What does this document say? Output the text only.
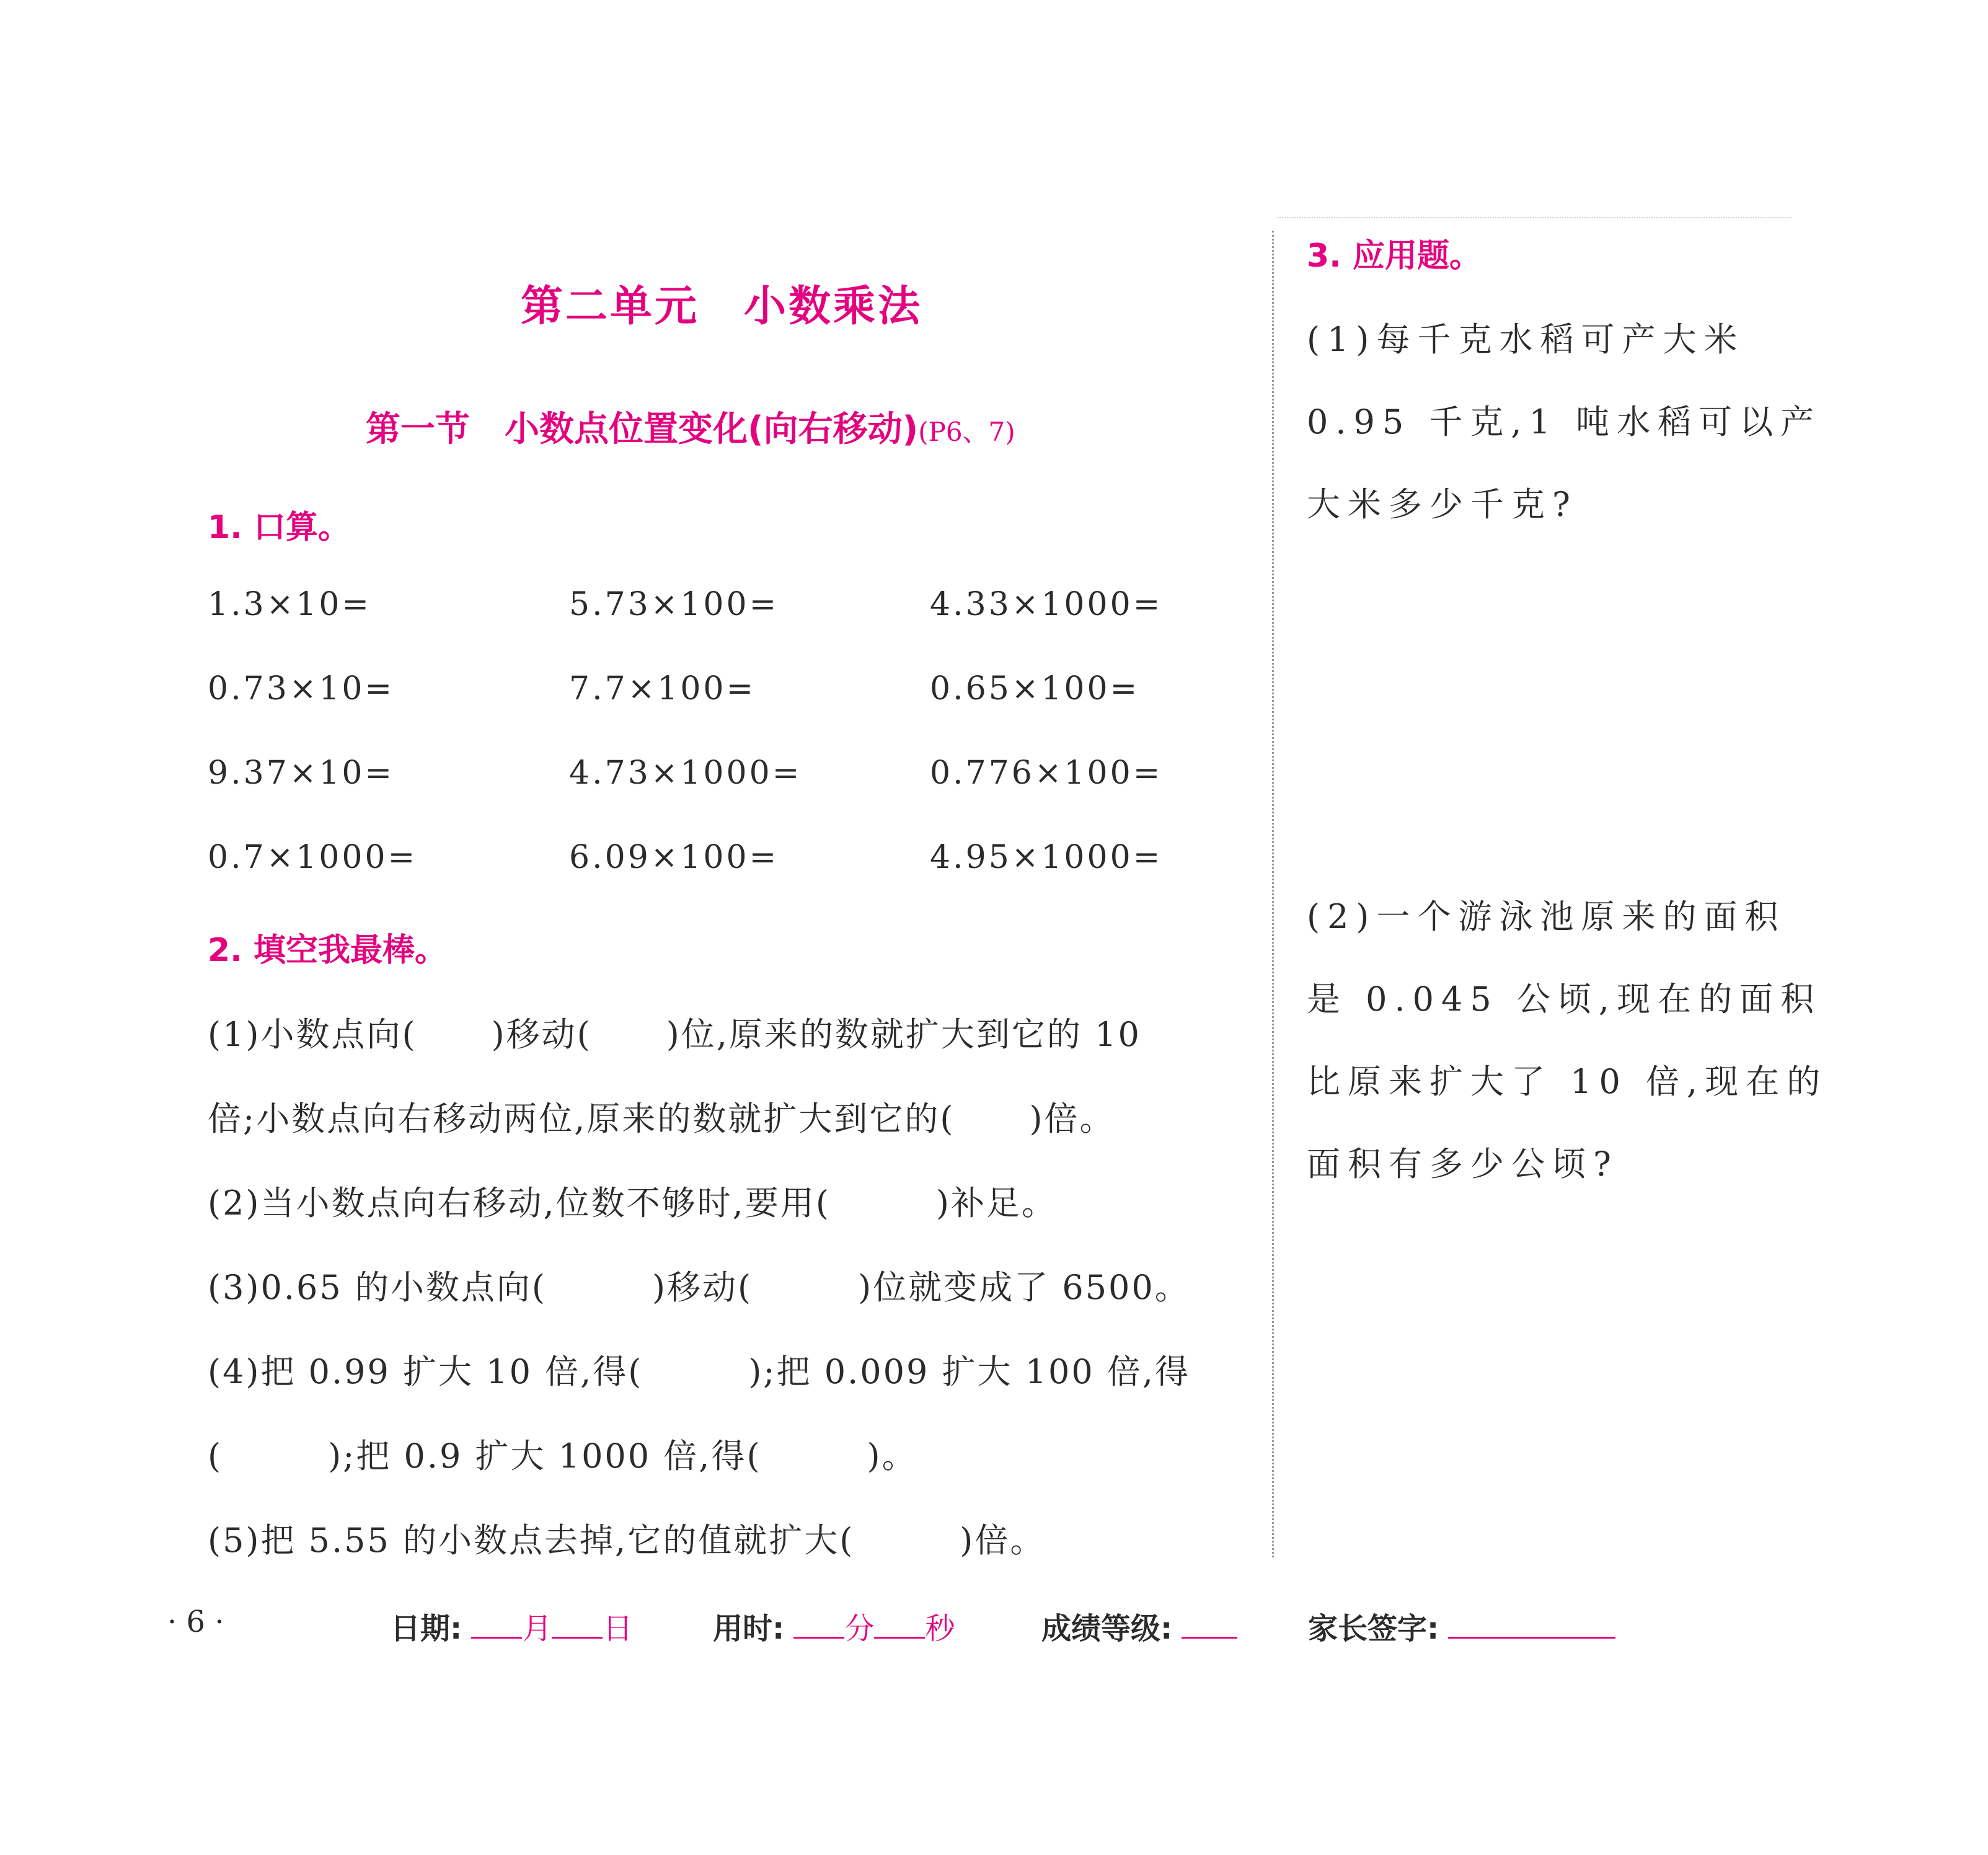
第二单元　小数乘法
第一节　小数点位置变化(向右移动)(P6、7)
1. 口算。
1.3×10=	5.73×100=	4.33×1000=
0.73×10=	7.7×100=	0.65×100=
9.37×10=	4.73×1000=	0.776×100=
0.7×1000=	6.09×100=	4.95×1000=
2. 填空我最棒。
(1)小数点向( )移动( )位,原来的数就扩大到它的 10
倍;小数点向右移动两位,原来的数就扩大到它的( )倍。
(2)当小数点向右移动,位数不够时,要用(	)补足。
(3)0.65 的小数点向(	)移动(	)位就变成了 6500。
(4)把 0.99 扩大 10 倍,得(	);把 0.009 扩大 100 倍,得
(	);把 0.9 扩大 1000 倍,得(	)。
(5)把 5.55 的小数点去掉,它的值就扩大(	)倍。
3. 应用题。
(1)每千克水稻可产大米
0.95 千克,1 吨水稻可以产
大米多少千克?
(2)一个游泳池原来的面积
是 0.045 公顷,现在的面积
比原来扩大了 10 倍,现在的
面积有多少公顷?
· 6 ·	日期: 月 日	用时: 分 秒	成绩等级:	家长签字:
